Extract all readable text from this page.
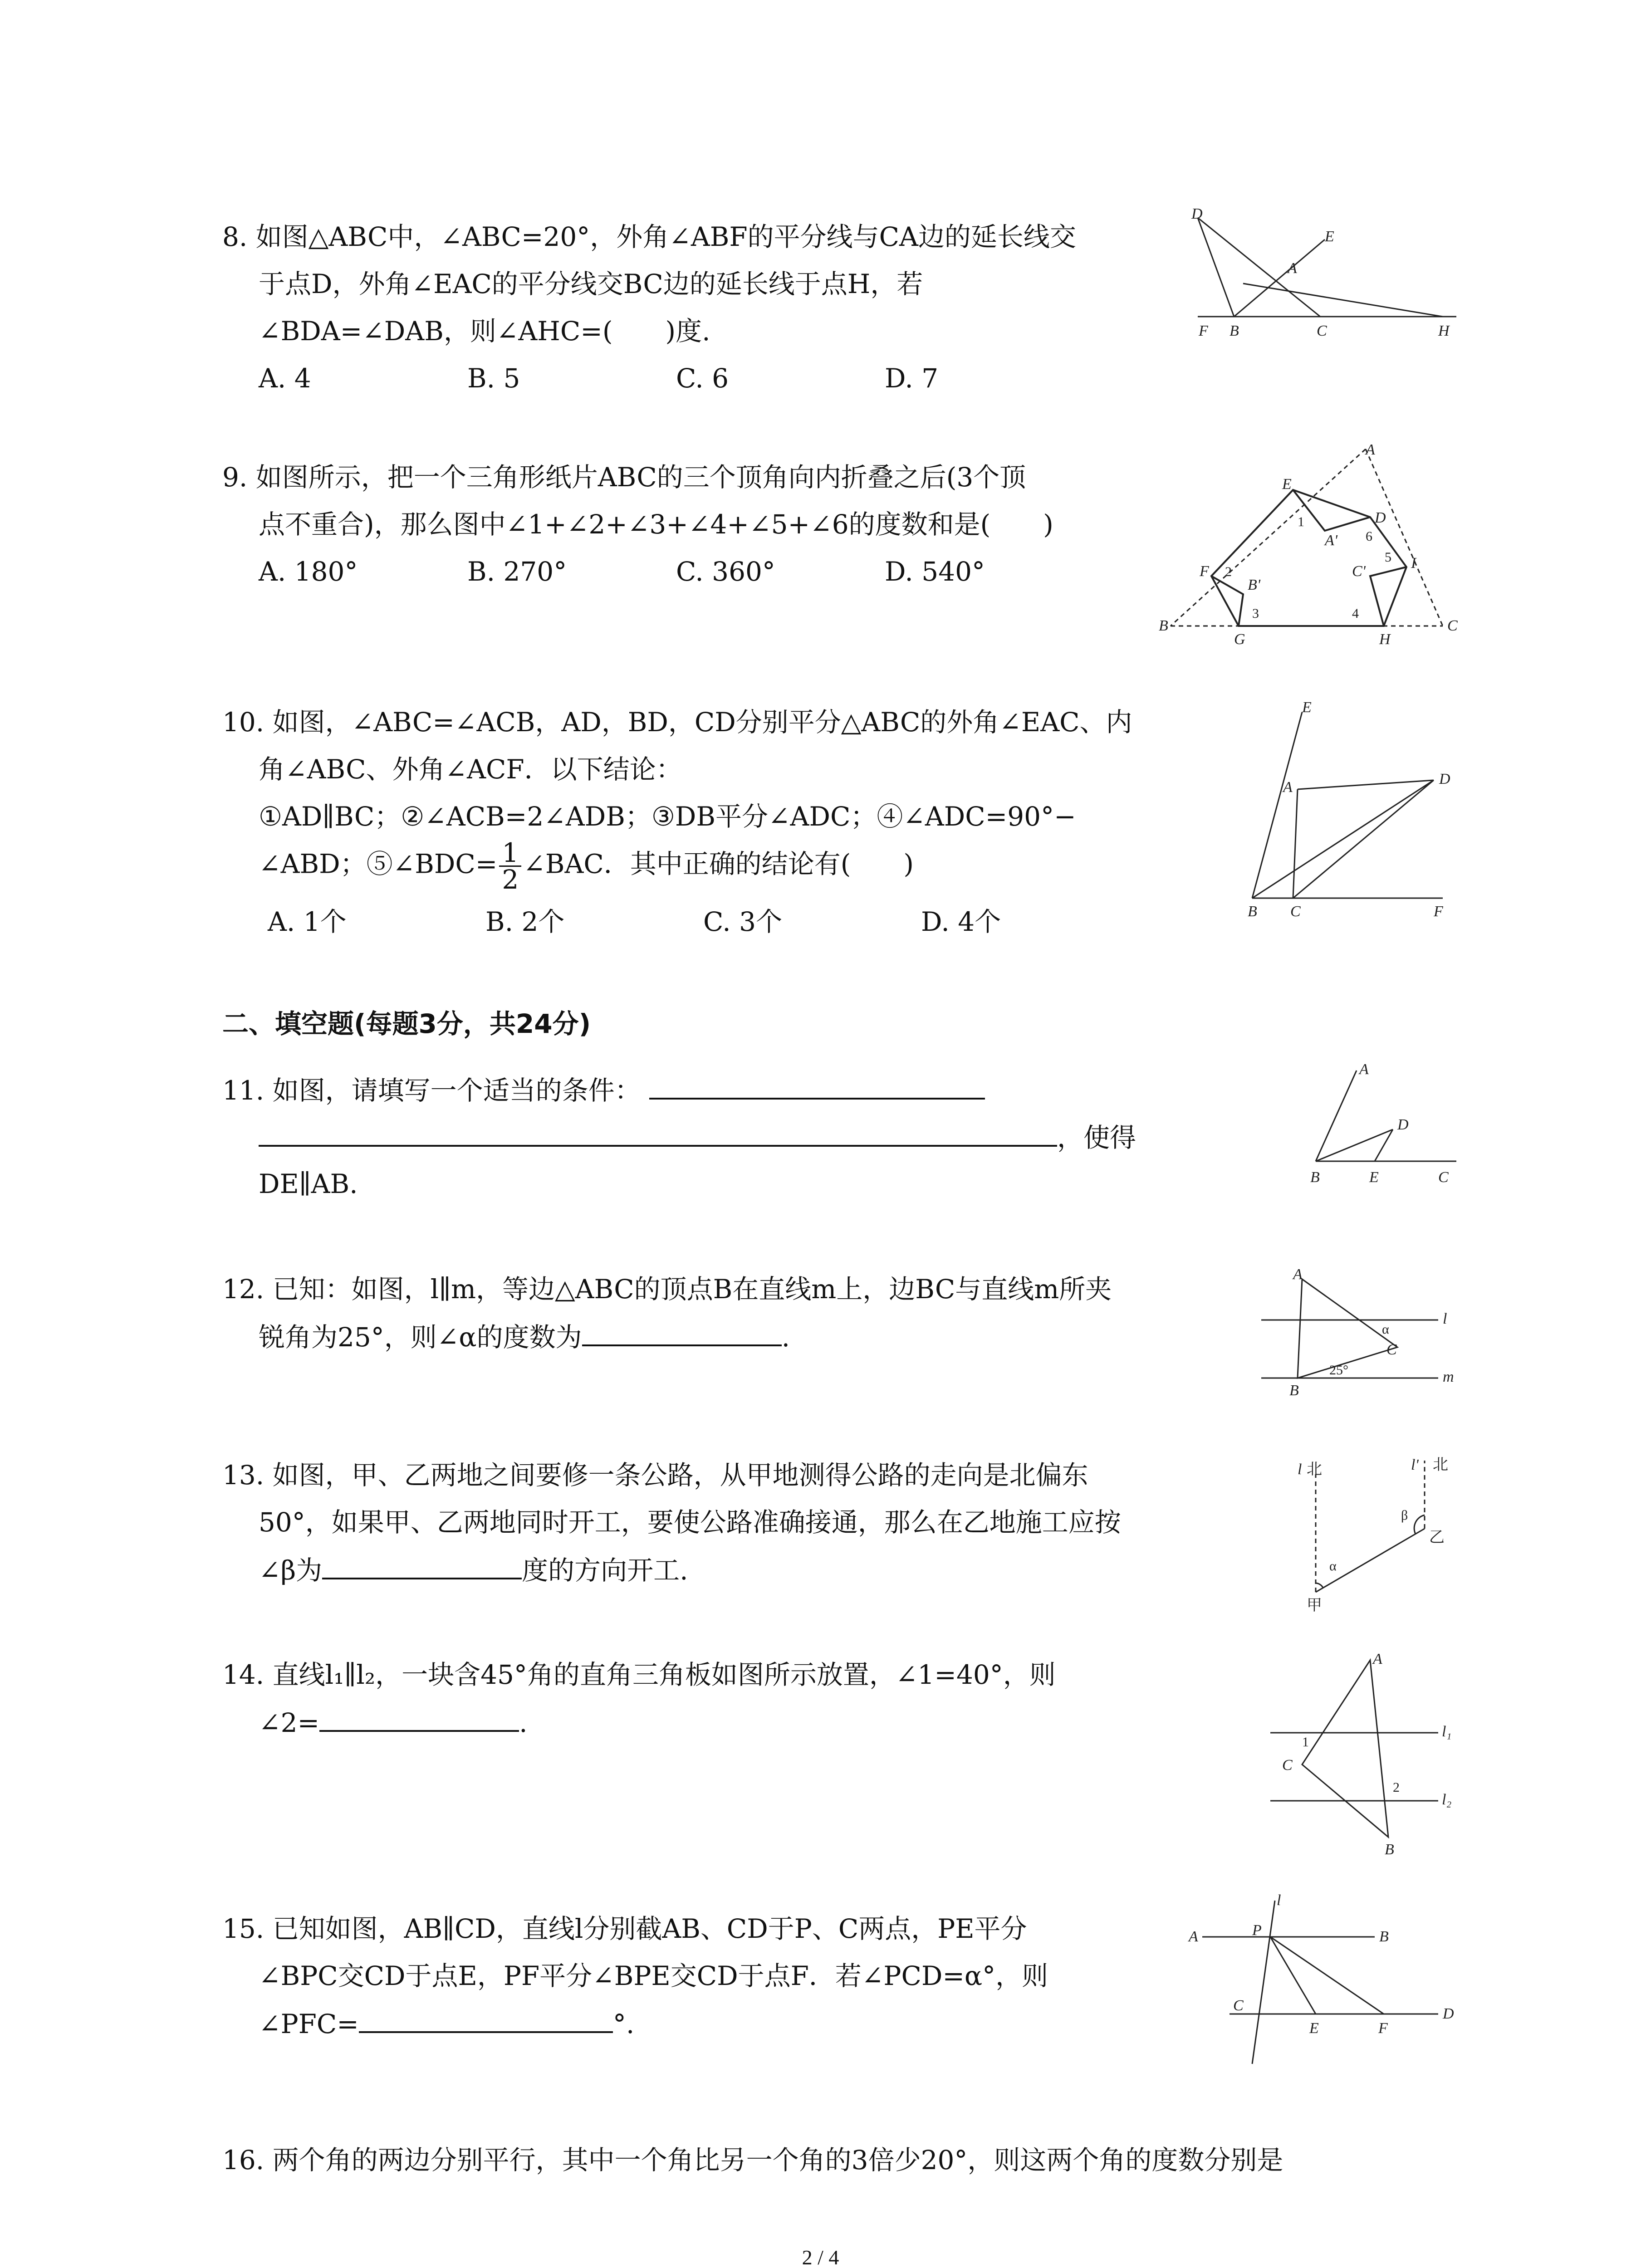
8. 如图△ABC中，∠ABC=20°，外角∠ABF的平分线与CA边的延长线交
于点D，外角∠EAC的平分线交BC边的延长线于点H，若
∠BDA=∠DAB，则∠AHC=(　　)度.
A. 4	B. 5	C. 6	D. 7
D
E
A
F B	C	H
9. 如图所示，把一个三角形纸片ABC的三个顶角向内折叠之后(3个顶
点不重合)，那么图中∠1+∠2+∠3+∠4+∠5+∠6的度数和是(　　)
A. 180°	B. 270°	C. 360°	D. 540°
A
E
D
1
A' 6
5 I
F 2
B'
C'
3	4
B
G	H
C
10. 如图，∠ABC=∠ACB，AD，BD，CD分别平分△ABC的外角∠EAC、内
角∠ABC、外角∠ACF．以下结论：
①AD∥BC；②∠ACB=2∠ADB；③DB平分∠ADC；④∠ADC=90°−
∠ABD；⑤∠BDC= $\frac{1}{2}$ ∠BAC．其中正确的结论有(　　)
A. 1个	B. 2个	C. 3个	D. 4个
E
A	D
B C	F
二、填空题(每题3分，共24分)
11. 如图，请填写一个适当的条件：
，使得
DE∥AB.
A
D
B	E	C
12. 已知：如图，l∥m，等边△ABC的顶点B在直线m上，边BC与直线m所夹
锐角为25°，则∠α的度数为	.
A
l
α
C
25°	m
B
13. 如图，甲、乙两地之间要修一条公路，从甲地测得公路的走向是北偏东
50°，如果甲、乙两地同时开工，要使公路准确接通，那么在乙地施工应按
∠β为	度的方向开工.
l 北	l' 北
β
乙
α
甲
14. 直线l₁∥l₂，一块含45°角的直角三角板如图所示放置，∠1=40°，则
∠2=	.
A
1
l₁
C
2
l₂
B
15. 已知如图，AB∥CD，直线l分别截AB、CD于P、C两点，PE平分
∠BPC交CD于点E，PF平分∠BPE交CD于点F．若∠PCD=α°，则
∠PFC=	°.
l
A	P	B
C
E	F
D
16. 两个角的两边分别平行，其中一个角比另一个角的3倍少20°，则这两个角的度数分别是
2 / 4
